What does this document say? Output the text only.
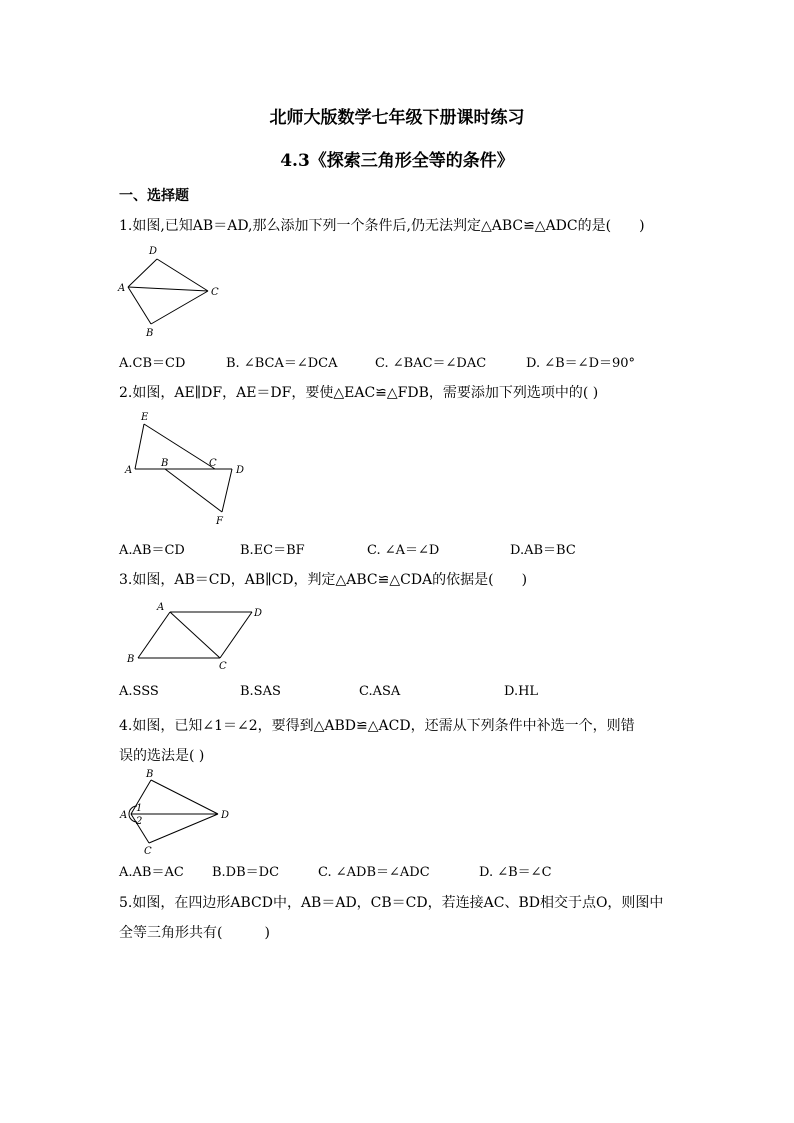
北师大版数学七年级下册课时练习
4.3《探索三角形全等的条件》
一、选择题
1.如图,已知AB＝AD,那么添加下列一个条件后,仍无法判定△ABC≌△ADC的是(　　)
D
A	C
B
A.CB＝CD	B. ∠BCA＝∠DCA	C. ∠BAC＝∠DAC	D. ∠B＝∠D＝90°
2.如图，AE∥DF，AE＝DF，要使△EAC≌△FDB，需要添加下列选项中的( )
E
A
B	C
D
F
A.AB＝CD	B.EC＝BF	C. ∠A＝∠D	D.AB＝BC
3.如图，AB＝CD，AB∥CD，判定△ABC≌△CDA的依据是(　　)
A
D
B
C
A.SSS	B.SAS	C.ASA	D.HL
4.如图，已知∠1＝∠2，要得到△ABD≌△ACD，还需从下列条件中补选一个，则错
误的选法是( )
B
A
1
2
D
C
A.AB＝AC B.DB＝DC	C. ∠ADB＝∠ADC	D. ∠B＝∠C
5.如图，在四边形ABCD中，AB＝AD，CB＝CD，若连接AC、BD相交于点O，则图中
全等三角形共有(　　　)
